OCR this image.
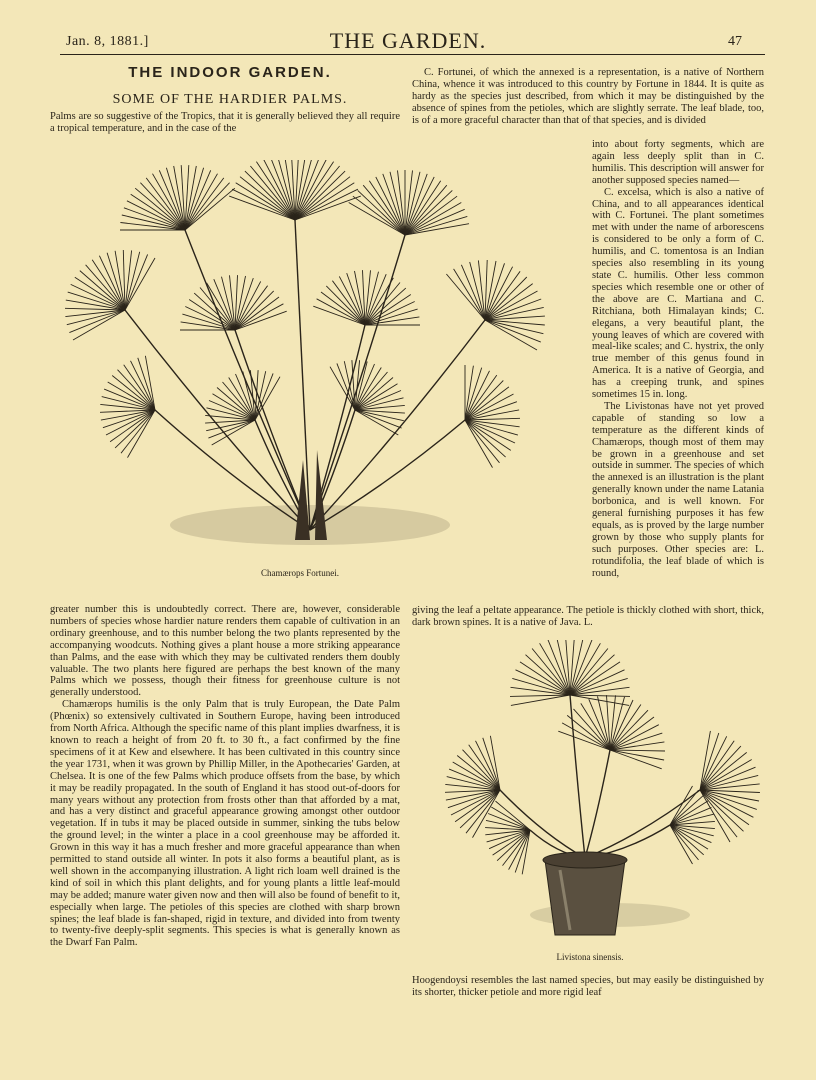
Jan. 8, 1881.]	THE GARDEN.	47
THE INDOOR GARDEN.
SOME OF THE HARDIER PALMS.
Palms are so suggestive of the Tropics, that it is generally believed they all require a tropical temperature, and in the case of the
Chamærops Fortunei.
greater number this is undoubtedly correct. There are, however, considerable numbers of species whose hardier nature renders them capable of cultivation in an ordinary greenhouse, and to this number belong the two plants represented by the accompanying woodcuts. Nothing gives a plant house a more striking appearance than Palms, and the ease with which they may be cultivated renders them doubly valuable. The two plants here figured are perhaps the best known of the many Palms which we possess, though their fitness for greenhouse culture is not generally understood.
Chamærops humilis is the only Palm that is truly European, the Date Palm (Phœnix) so extensively cultivated in Southern Europe, having been introduced from North Africa. Although the specific name of this plant implies dwarfness, it is known to reach a height of from 20 ft. to 30 ft., a fact confirmed by the fine specimens of it at Kew and elsewhere. It has been cultivated in this country since the year 1731, when it was grown by Phillip Miller, in the Apothecaries' Garden, at Chelsea. It is one of the few Palms which produce offsets from the base, by which it may be readily propagated. In the south of England it has stood out-of-doors for many years without any protection from frosts other than that afforded by a mat, and has a very distinct and graceful appearance growing amongst other outdoor vegetation. If in tubs it may be placed outside in summer, sinking the tubs below the ground level; in the winter a place in a cool greenhouse may be afforded it. Grown in this way it has a much fresher and more graceful appearance than when permitted to stand outside all winter. In pots it also forms a beautiful plant, as is well shown in the accompanying illustration. A light rich loam well drained is the kind of soil in which this plant delights, and for young plants a little leaf-mould may be added; manure water given now and then will also be found of benefit to it, especially when large. The petioles of this species are clothed with sharp brown spines; the leaf blade is fan-shaped, rigid in texture, and divided into from twenty to twenty-five deeply-split segments. This species is what is generally known as the Dwarf Fan Palm.
C. Fortunei, of which the annexed is a representation, is a native of Northern China, whence it was introduced to this country by Fortune in 1844. It is quite as hardy as the species just described, from which it may be distinguished by the absence of spines from the petioles, which are slightly serrate. The leaf blade, too, is of a more graceful character than that of that species, and is divided
into about forty segments, which are again less deeply split than in C. humilis. This description will answer for another supposed species named—
C. excelsa, which is also a native of China, and to all appearances identical with C. Fortunei. The plant sometimes met with under the name of arborescens is considered to be only a form of C. humilis, and C. tomentosa is an Indian species also resembling in its young state C. humilis. Other less common species which resemble one or other of the above are C. Martiana and C. Ritchiana, both Himalayan kinds; C. elegans, a very beautiful plant, the young leaves of which are covered with meal-like scales; and C. hystrix, the only true member of this genus found in America. It is a native of Georgia, and has a creeping trunk, and spines sometimes 15 in. long.
The Livistonas have not yet proved capable of standing so low a temperature as the different kinds of Chamærops, though most of them may be grown in a greenhouse and set outside in summer. The species of which the annexed is an illustration is the plant generally known under the name Latania borbonica, and is well known. For general furnishing purposes it has few equals, as is proved by the large number grown by those who supply plants for such purposes. Other species are: L. rotundifolia, the leaf blade of which is round,
giving the leaf a peltate appearance. The petiole is thickly clothed with short, thick, dark brown spines. It is a native of Java. L.
Livistona sinensis.
Hoogendoysi resembles the last named species, but may easily be distinguished by its shorter, thicker petiole and more rigid leaf
